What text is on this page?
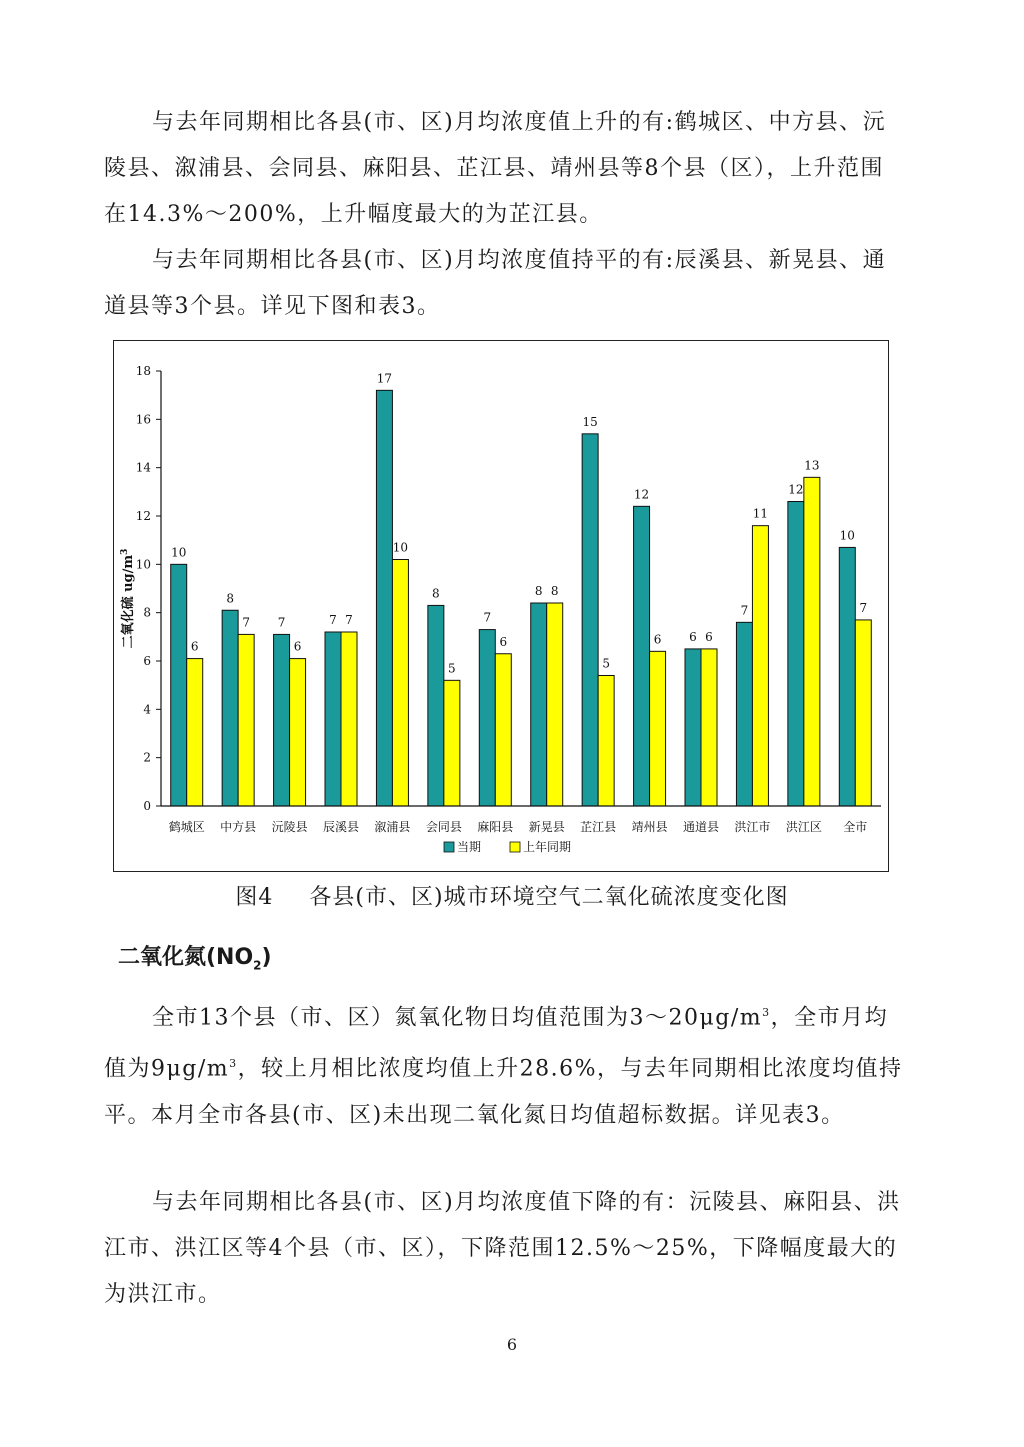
与去年同期相比各县(市、区)月均浓度值上升的有:鹤城区、中方县、沅陵县、溆浦县、会同县、麻阳县、芷江县、靖州县等8个县（区），上升范围在14.3%～200%，上升幅度最大的为芷江县。

与去年同期相比各县(市、区)月均浓度值持平的有:辰溪县、新晃县、通道县等3个县。详见下图和表3。

0
2
4
6
8
10
12
14
16
18
10
6
8
7 7
6
7 7
17
10
8
5
7
6
8 8
15
5
12
6 6 6
7
11
12
13
10
7
鹤城区 中方县 沅陵县 辰溪县 溆浦县 会同县 麻阳县 新晃县 芷江县 靖州县 通道县 洪江市 洪江区 全市
二氧化硫 $ug/m^3$
当期	上年同期
图4 各县(市、区)城市环境空气二氧化硫浓度变化图
二氧化氮$(NO_2)$

全市13个县（市、区）氮氧化物日均值范围为$3\sim 20\mu g/m^3$，全市月均值为$9\mu g/m^3$，较上月相比浓度均值上升28.6%，与去年同期相比浓度均值持平。本月全市各县(市、区)未出现二氧化氮日均值超标数据。详见表3。

与去年同期相比各县(市、区)月均浓度值下降的有：沅陵县、麻阳县、洪江市、洪江区等4个县（市、区），下降范围12.5%～25%，下降幅度最大的为洪江市。

6
